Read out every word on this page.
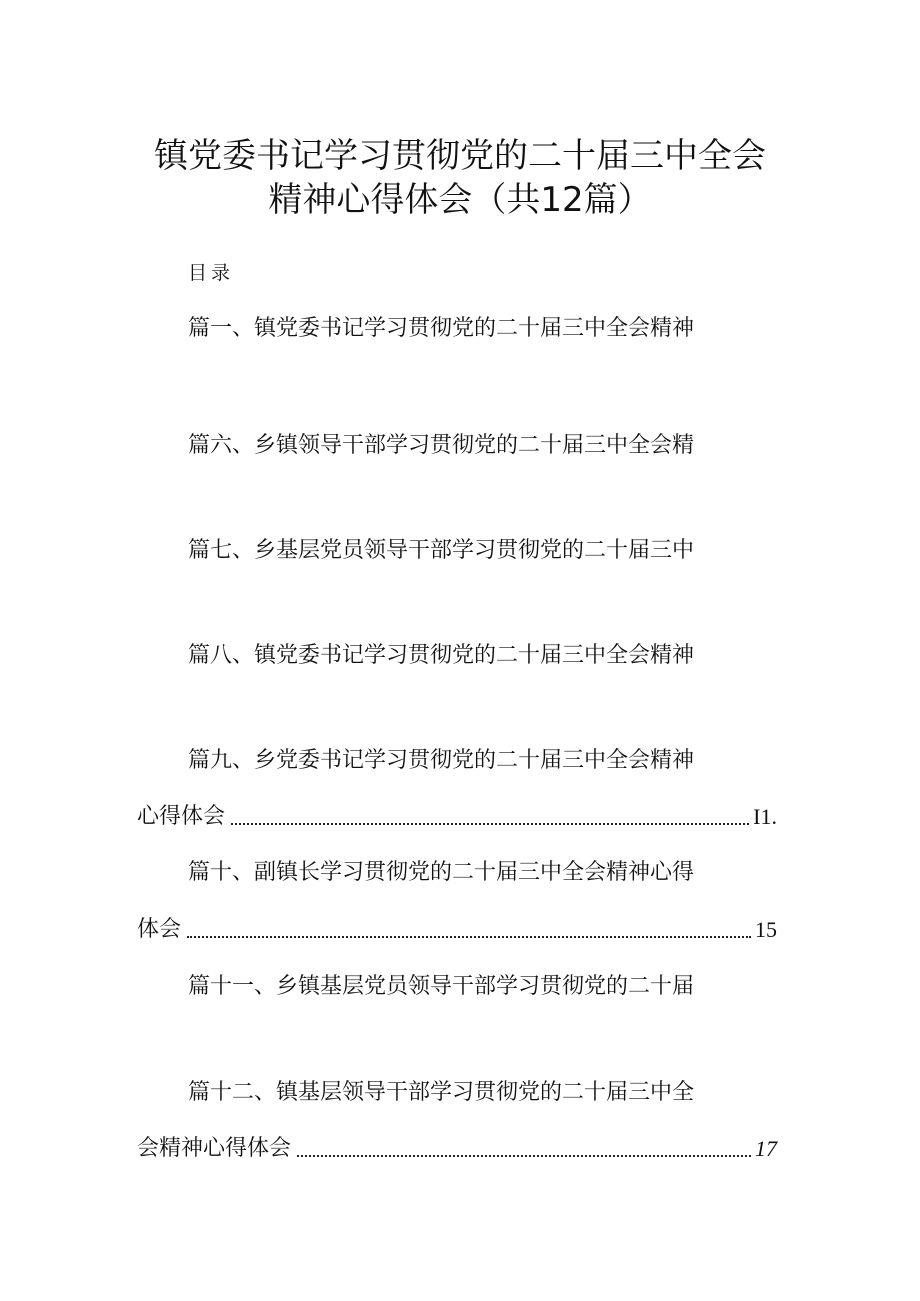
镇党委书记学习贯彻党的二十届三中全会
精神心得体会（共12篇）
目录
篇一、镇党委书记学习贯彻党的二十届三中全会精神
篇六、乡镇领导干部学习贯彻党的二十届三中全会精
篇七、乡基层党员领导干部学习贯彻党的二十届三中
篇八、镇党委书记学习贯彻党的二十届三中全会精神
篇九、乡党委书记学习贯彻党的二十届三中全会精神
心得体会	I1.
篇十、副镇长学习贯彻党的二十届三中全会精神心得
体会	15
篇十一、乡镇基层党员领导干部学习贯彻党的二十届
篇十二、镇基层领导干部学习贯彻党的二十届三中全
会精神心得体会	17
